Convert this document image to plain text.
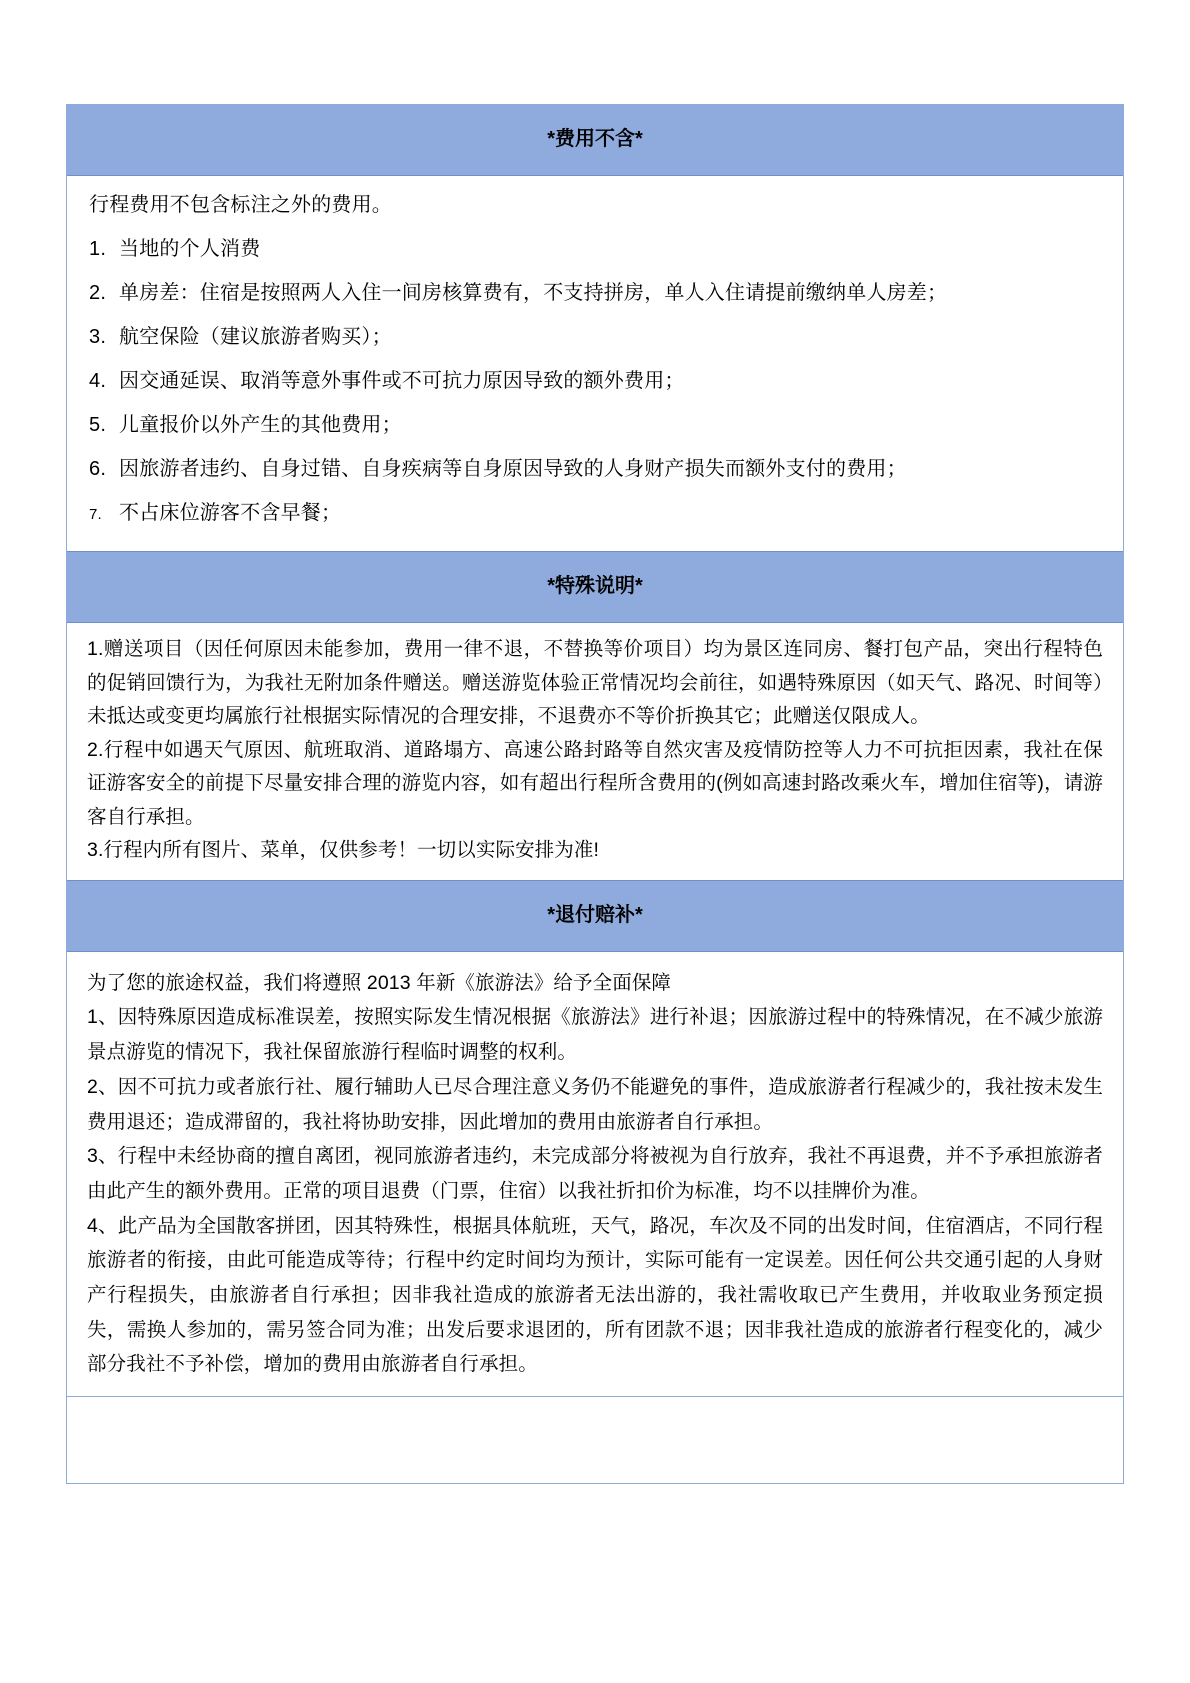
*费用不含*

行程费用不包含标注之外的费用。

1. 当地的个人消费
2. 单房差：住宿是按照两人入住一间房核算费有，不支持拼房，单人入住请提前缴纳单人房差；
3. 航空保险（建议旅游者购买）；
4. 因交通延误、取消等意外事件或不可抗力原因导致的额外费用；
5. 儿童报价以外产生的其他费用；
6. 因旅游者违约、自身过错、自身疾病等自身原因导致的人身财产损失而额外支付的费用；
7. 不占床位游客不含早餐；
*特殊说明*

1.赠送项目（因任何原因未能参加，费用一律不退，不替换等价项目）均为景区连同房、餐打包产品，突出行程特色的促销回馈行为，为我社无附加条件赠送。赠送游览体验正常情况均会前往，如遇特殊原因（如天气、路况、时间等）未抵达或变更均属旅行社根据实际情况的合理安排，不退费亦不等价折换其它；此赠送仅限成人。

2.行程中如遇天气原因、航班取消、道路塌方、高速公路封路等自然灾害及疫情防控等人力不可抗拒因素，我社在保证游客安全的前提下尽量安排合理的游览内容，如有超出行程所含费用的(例如高速封路改乘火车，增加住宿等)，请游客自行承担。

3.行程内所有图片、菜单，仅供参考！一切以实际安排为准!

*退付赔补*

为了您的旅途权益，我们将遵照 2013 年新《旅游法》给予全面保障

1、因特殊原因造成标准误差，按照实际发生情况根据《旅游法》进行补退；因旅游过程中的特殊情况，在不减少旅游景点游览的情况下，我社保留旅游行程临时调整的权利。

2、因不可抗力或者旅行社、履行辅助人已尽合理注意义务仍不能避免的事件，造成旅游者行程减少的，我社按未发生费用退还；造成滞留的，我社将协助安排，因此增加的费用由旅游者自行承担。

3、行程中未经协商的擅自离团，视同旅游者违约，未完成部分将被视为自行放弃，我社不再退费，并不予承担旅游者由此产生的额外费用。正常的项目退费（门票，住宿）以我社折扣价为标准，均不以挂牌价为准。

4、此产品为全国散客拼团，因其特殊性，根据具体航班，天气，路况，车次及不同的出发时间，住宿酒店，不同行程旅游者的衔接，由此可能造成等待；行程中约定时间均为预计，实际可能有一定误差。因任何公共交通引起的人身财产行程损失，由旅游者自行承担；因非我社造成的旅游者无法出游的，我社需收取已产生费用，并收取业务预定损失，需换人参加的，需另签合同为准；出发后要求退团的，所有团款不退；因非我社造成的旅游者行程变化的，减少部分我社不予补偿，增加的费用由旅游者自行承担。
